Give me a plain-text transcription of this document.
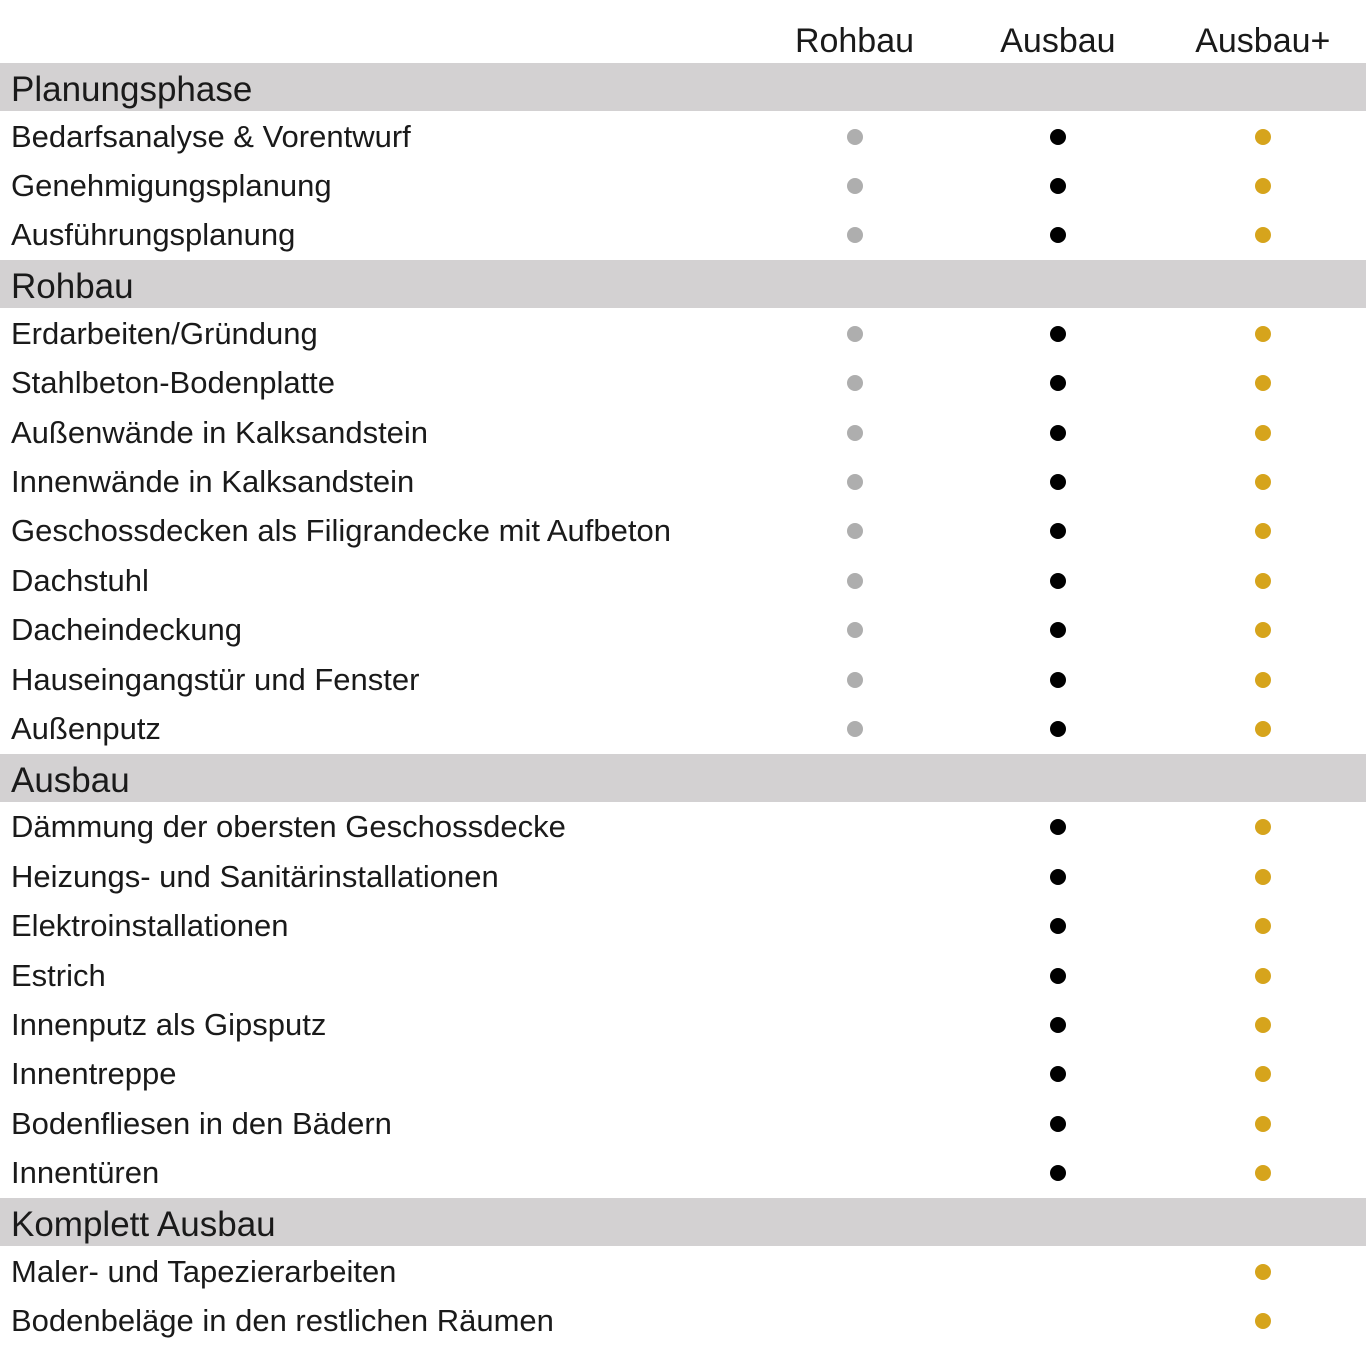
Rohbau	Ausbau	Ausbau+
Planungsphase
Bedarfsanalyse & Vorentwurf
Genehmigungsplanung
Ausführungsplanung
Rohbau
Erdarbeiten/Gründung
Stahlbeton-Bodenplatte
Außenwände in Kalksandstein
Innenwände in Kalksandstein
Geschossdecken als Filigrandecke mit Aufbeton
Dachstuhl
Dacheindeckung
Hauseingangstür und Fenster
Außenputz
Ausbau
Dämmung der obersten Geschossdecke
Heizungs- und Sanitärinstallationen
Elektroinstallationen
Estrich
Innenputz als Gipsputz
Innentreppe
Bodenfliesen in den Bädern
Innentüren
Komplett Ausbau
Maler- und Tapezierarbeiten
Bodenbeläge in den restlichen Räumen
